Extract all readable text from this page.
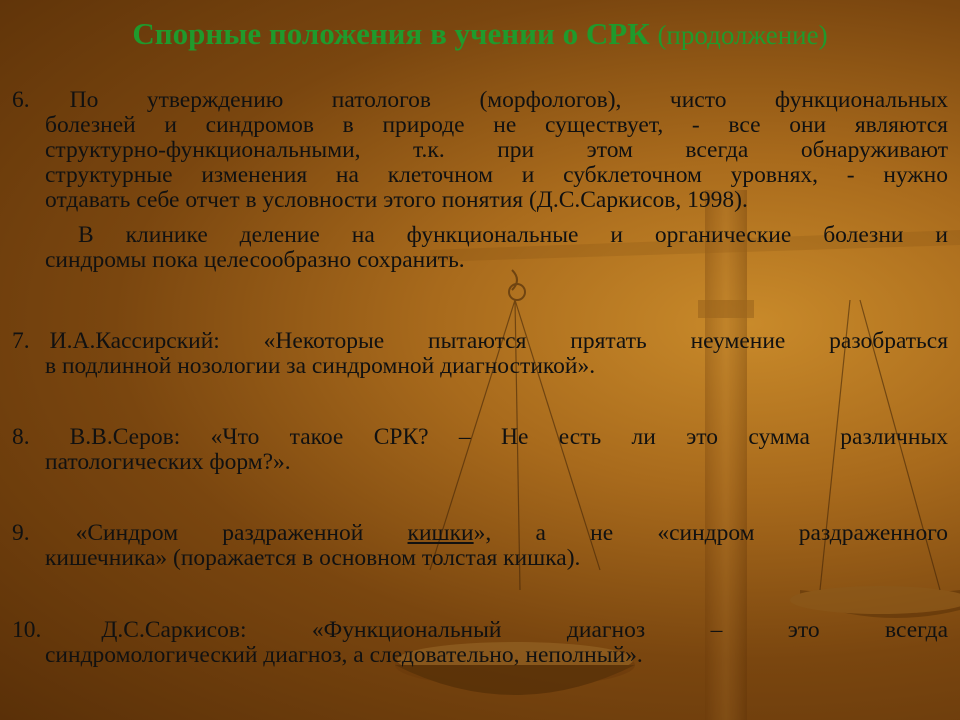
Спорные положения в учении о СРК (продолжение)
6. По утверждению патологов (морфологов), чисто функциональных
болезней и синдромов в природе не существует, - все они являются
структурно-функциональными, т.к. при этом всегда обнаруживают
структурные изменения на клеточном и субклеточном уровнях, - нужно
отдавать себе отчет в условности этого понятия (Д.С.Саркисов, 1998).
В клинике деление на функциональные и органические болезни и
синдромы пока целесообразно сохранить.
7. И.А.Кассирский: «Некоторые пытаются прятать неумение разобраться
в подлинной нозологии за синдромной диагностикой».
8. В.В.Серов: «Что такое СРК? – Не есть ли это сумма различных
патологических форм?».
9. «Синдром раздраженной кишки», а не «синдром раздраженного
кишечника» (поражается в основном толстая кишка).
10.	Д.С.Саркисов: «Функциональный диагноз – это всегда
синдромологический диагноз, а следовательно, неполный».
